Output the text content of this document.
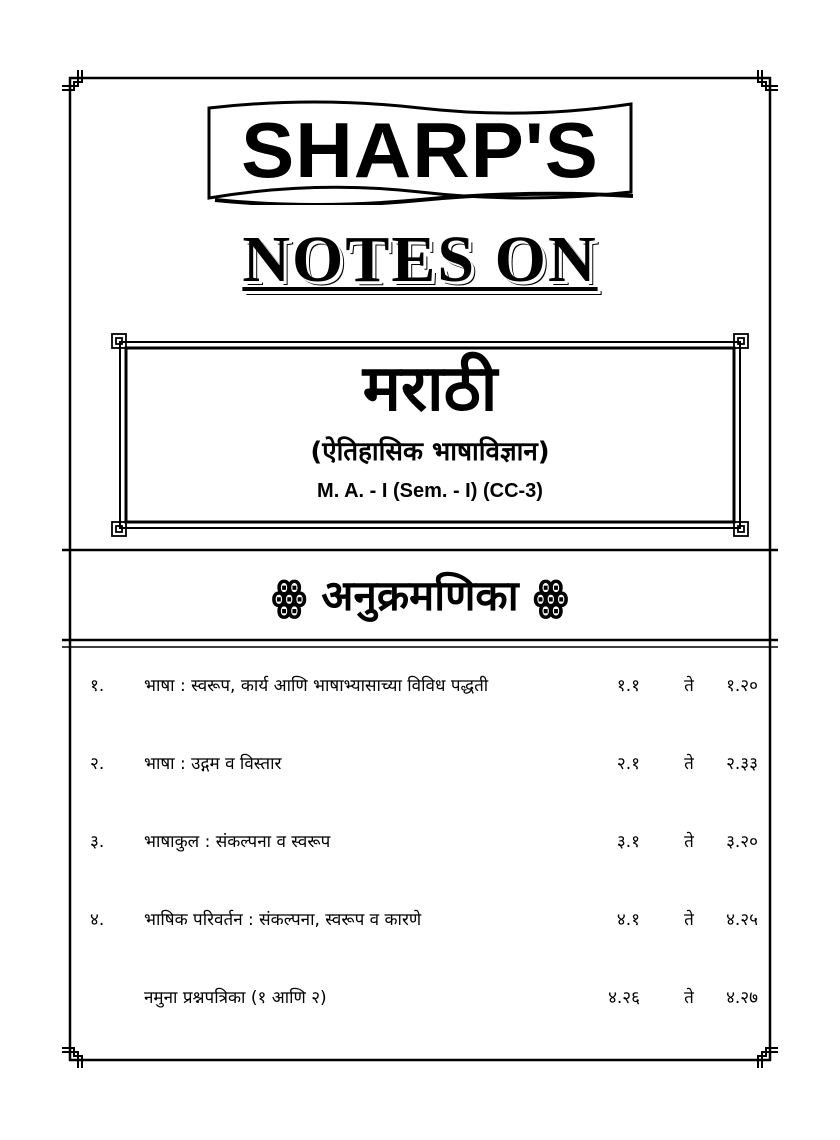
SHARP'S
NOTES ON
मराठी
(ऐतिहासिक भाषाविज्ञान)
M. A. - I (Sem. - I) (CC-3)
ꙮ अनुक्रमणिका ꙮ
१.	भाषा : स्वरूप, कार्य आणि भाषाभ्यासाच्या विविध पद्धती	१.१	ते	१.२०
२.	भाषा : उद्गम व विस्तार	२.१	ते	२.३३
३.	भाषाकुल : संकल्पना व स्वरूप	३.१	ते	३.२०
४.	भाषिक परिवर्तन : संकल्पना, स्वरूप व कारणे	४.१	ते	४.२५
नमुना प्रश्नपत्रिका (१ आणि २)	४.२६	ते	४.२७
